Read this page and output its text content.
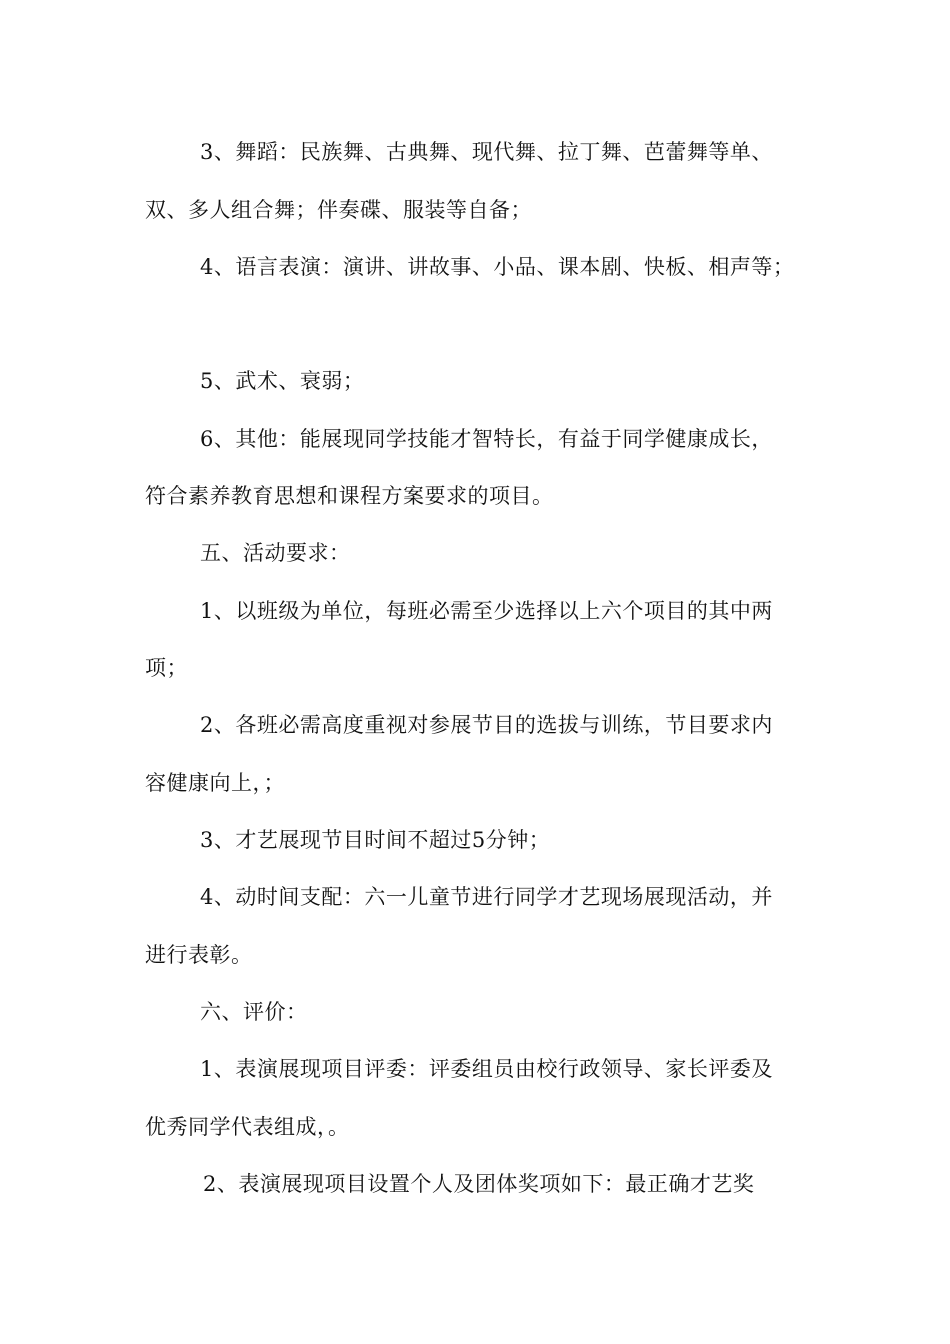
3、舞蹈：民族舞、古典舞、现代舞、拉丁舞、芭蕾舞等单、
双、多人组合舞；伴奏碟、服装等自备；
4、语言表演：演讲、讲故事、小品、课本剧、快板、相声等；
5、武术、衰弱；
6、其他：能展现同学技能才智特长，有益于同学健康成长，
符合素养教育思想和课程方案要求的项目。
五、活动要求：
1、以班级为单位，每班必需至少选择以上六个项目的其中两
项；
2、各班必需高度重视对参展节目的选拔与训练，节目要求内
容健康向上，；
3、才艺展现节目时间不超过5分钟；
4、动时间支配：六一儿童节进行同学才艺现场展现活动，并
进行表彰。
六、评价：
1、表演展现项目评委：评委组员由校行政领导、家长评委及
优秀同学代表组成，。
2、表演展现项目设置个人及团体奖项如下：最正确才艺奖
